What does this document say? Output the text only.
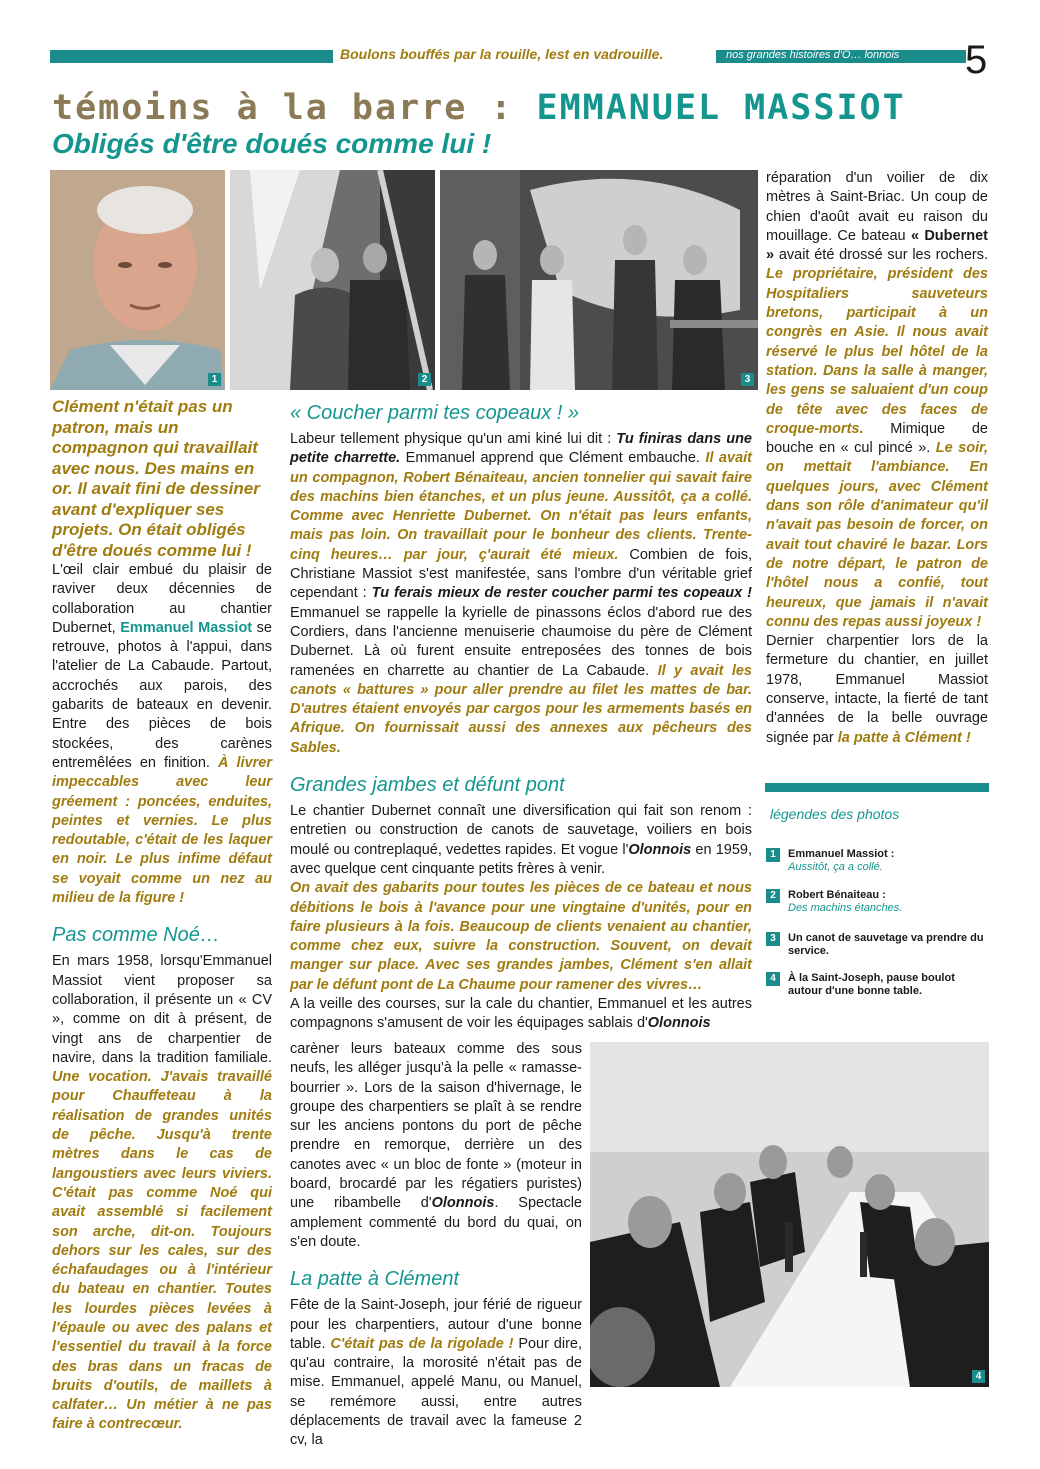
Boulons bouffés par la rouille, lest en vadrouille.	nos grandes histoires d'O… lonnois 5
témoins à la barre : EMMANUEL MASSIOT
Obligés d'être doués comme lui !
1	2	3

Clément n'était pas un patron, mais un compagnon qui travaillait avec nous. Des mains en or. Il avait fini de dessiner avant d'expliquer ses projets. On était obligés d'être doués comme lui !

L'œil clair embué du plaisir de raviver deux décennies de collaboration au chantier Dubernet, Emmanuel Massiot se retrouve, photos à l'appui, dans l'atelier de La Cabaude. Partout, accrochés aux parois, des gabarits de bateaux en devenir. Entre des pièces de bois stockées, des carènes entremêlées en finition. À livrer impeccables avec leur gréement : poncées, enduites, peintes et vernies. Le plus redoutable, c'était de les laquer en noir. Le plus infime défaut se voyait comme un nez au milieu de la figure !

Pas comme Noé…

En mars 1958, lorsqu'Emmanuel Massiot vient proposer sa collaboration, il présente un « CV », comme on dit à présent, de vingt ans de charpentier de navire, dans la tradition familiale. Une vocation. J'avais travaillé pour Chauffeteau à la réalisation de grandes unités de pêche. Jusqu'à trente mètres dans le cas de langoustiers avec leurs viviers. C'était pas comme Noé qui avait assemblé si facilement son arche, dit-on. Toujours dehors sur les cales, sur des échafaudages ou à l'intérieur du bateau en chantier. Toutes les lourdes pièces levées à l'épaule ou avec des palans et l'essentiel du travail à la force des bras dans un fracas de bruits d'outils, de maillets à calfater… Un métier à ne pas faire à contrecœur.

« Coucher parmi tes copeaux ! »

Labeur tellement physique qu'un ami kiné lui dit : Tu finiras dans une petite charrette. Emmanuel apprend que Clément embauche. Il avait un compagnon, Robert Bénaiteau, ancien tonnelier qui savait faire des machins bien étanches, et un plus jeune. Aussitôt, ça a collé. Comme avec Henriette Dubernet. On n'était pas leurs enfants, mais pas loin. On travaillait pour le bonheur des clients. Trente-cinq heures… par jour, ç'aurait été mieux. Combien de fois, Christiane Massiot s'est manifestée, sans l'ombre d'un véritable grief cependant : Tu ferais mieux de rester coucher parmi tes copeaux ! Emmanuel se rappelle la kyrielle de pinassons éclos d'abord rue des Cordiers, dans l'ancienne menuiserie chaumoise du père de Clément Dubernet. Là où furent ensuite entreposées des tonnes de bois ramenées en charrette au chantier de La Cabaude. Il y avait les canots « battures » pour aller prendre au filet les mattes de bar. D'autres étaient envoyés par cargos pour les armements basés en Afrique. On fournissait aussi des annexes aux pêcheurs des Sables.

Grandes jambes et défunt pont

Le chantier Dubernet connaît une diversification qui fait son renom : entretien ou construction de canots de sauvetage, voiliers en bois moulé ou contreplaqué, vedettes rapides. Et vogue l'Olonnois en 1959, avec quelque cent cinquante petits frères à venir.

On avait des gabarits pour toutes les pièces de ce bateau et nous débitions le bois à l'avance pour une vingtaine d'unités, pour en faire plusieurs à la fois. Beaucoup de clients venaient au chantier, comme chez eux, suivre la construction. Souvent, on devait manger sur place. Avec ses grandes jambes, Clément s'en allait par le défunt pont de La Chaume pour ramener des vivres…

A la veille des courses, sur la cale du chantier, Emmanuel et les autres compagnons s'amusent de voir les équipages sablais d'Olonnois

carèner leurs bateaux comme des sous neufs, les alléger jusqu'à la pelle « ramasse-bourrier ». Lors de la saison d'hivernage, le groupe des charpentiers se plaît à se rendre sur les anciens pontons du port de pêche prendre en remorque, derrière un des canotes avec « un bloc de fonte » (moteur in board, brocardé par les régatiers puristes) une ribambelle d'Olonnois. Spectacle amplement commenté du bord du quai, on s'en doute.

La patte à Clément

Fête de la Saint-Joseph, jour férié de rigueur pour les charpentiers, autour d'une bonne table. C'était pas de la rigolade ! Pour dire, qu'au contraire, la morosité n'était pas de mise. Emmanuel, appelé Manu, ou Manuel, se remémore aussi, entre autres déplacements de travail avec la fameuse 2 cv, la

réparation d'un voilier de dix mètres à Saint-Briac. Un coup de chien d'août avait eu raison du mouillage. Ce bateau « Dubernet » avait été drossé sur les rochers. Le propriétaire, président des Hospitaliers sauveteurs bretons, participait à un congrès en Asie. Il nous avait réservé le plus bel hôtel de la station. Dans la salle à manger, les gens se saluaient d'un coup de tête avec des faces de croque-morts. Mimique de bouche en « cul pincé ». Le soir, on mettait l'ambiance. En quelques jours, avec Clément dans son rôle d'animateur qu'il n'avait pas besoin de forcer, on avait tout chaviré le bazar. Lors de notre départ, le patron de l'hôtel nous a confié, tout heureux, que jamais il n'avait connu des repas aussi joyeux !

Dernier charpentier lors de la fermeture du chantier, en juillet 1978, Emmanuel Massiot conserve, intacte, la fierté de tant d'années de la belle ouvrage signée par la patte à Clément !

légendes des photos
1	Emmanuel Massiot :
Aussitôt, ça a collé.
2	Robert Bénaiteau :
Des machins étanches.
3	Un canot de sauvetage va prendre du service.
4	À la Saint-Joseph, pause boulot autour d'une bonne table.
4
